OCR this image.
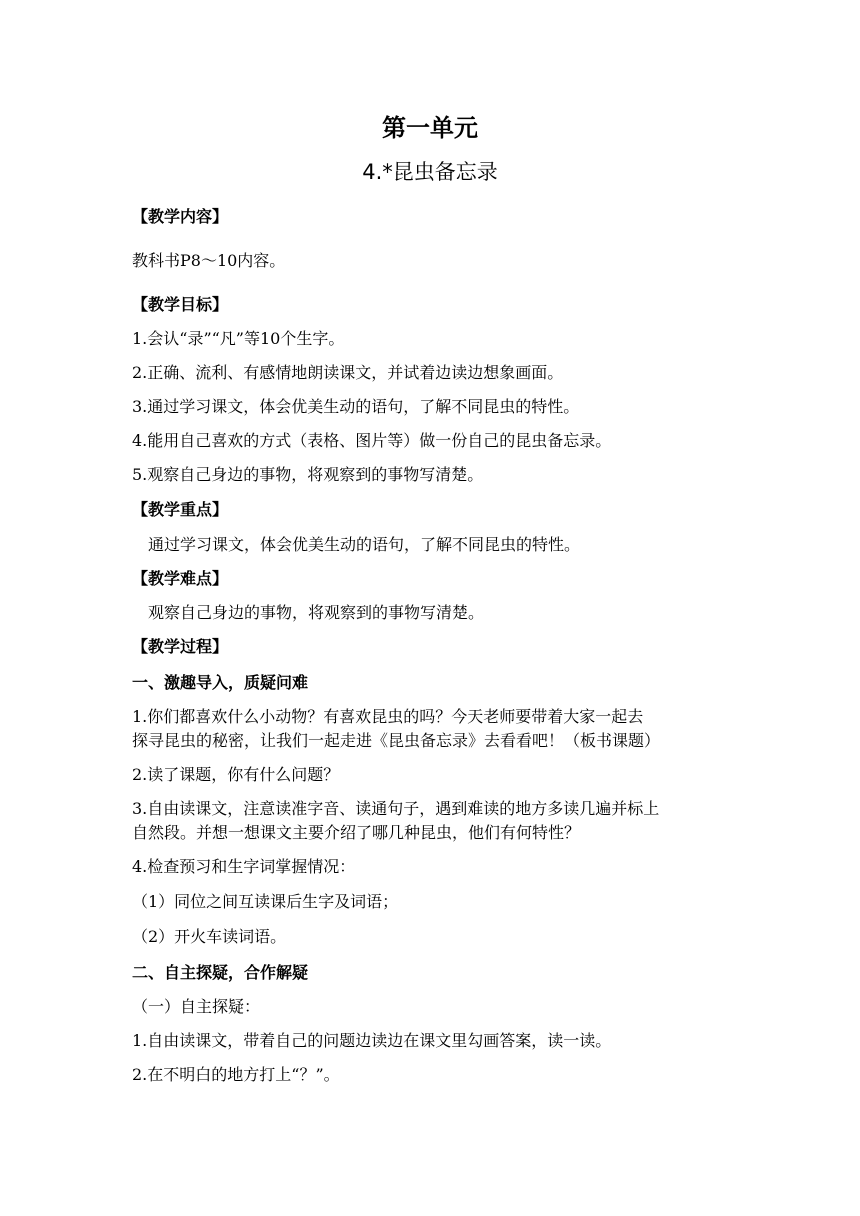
第一单元
4.*昆虫备忘录
【教学内容】
教科书P8～10内容。
【教学目标】
1.会认“录”“凡”等10个生字。
2.正确、流利、有感情地朗读课文，并试着边读边想象画面。
3.通过学习课文，体会优美生动的语句，了解不同昆虫的特性。
4.能用自己喜欢的方式（表格、图片等）做一份自己的昆虫备忘录。
5.观察自己身边的事物，将观察到的事物写清楚。
【教学重点】
通过学习课文，体会优美生动的语句，了解不同昆虫的特性。
【教学难点】
观察自己身边的事物，将观察到的事物写清楚。
【教学过程】
一、激趣导入，质疑问难
1.你们都喜欢什么小动物？有喜欢昆虫的吗？今天老师要带着大家一起去
探寻昆虫的秘密，让我们一起走进《昆虫备忘录》去看看吧！（板书课题）
2.读了课题，你有什么问题？
3.自由读课文，注意读准字音、读通句子，遇到难读的地方多读几遍并标上
自然段。并想一想课文主要介绍了哪几种昆虫，他们有何特性？
4.检查预习和生字词掌握情况：
（1）同位之间互读课后生字及词语；
（2）开火车读词语。
二、自主探疑，合作解疑
（一）自主探疑：
1.自由读课文，带着自己的问题边读边在课文里勾画答案，读一读。
2.在不明白的地方打上“？”。
